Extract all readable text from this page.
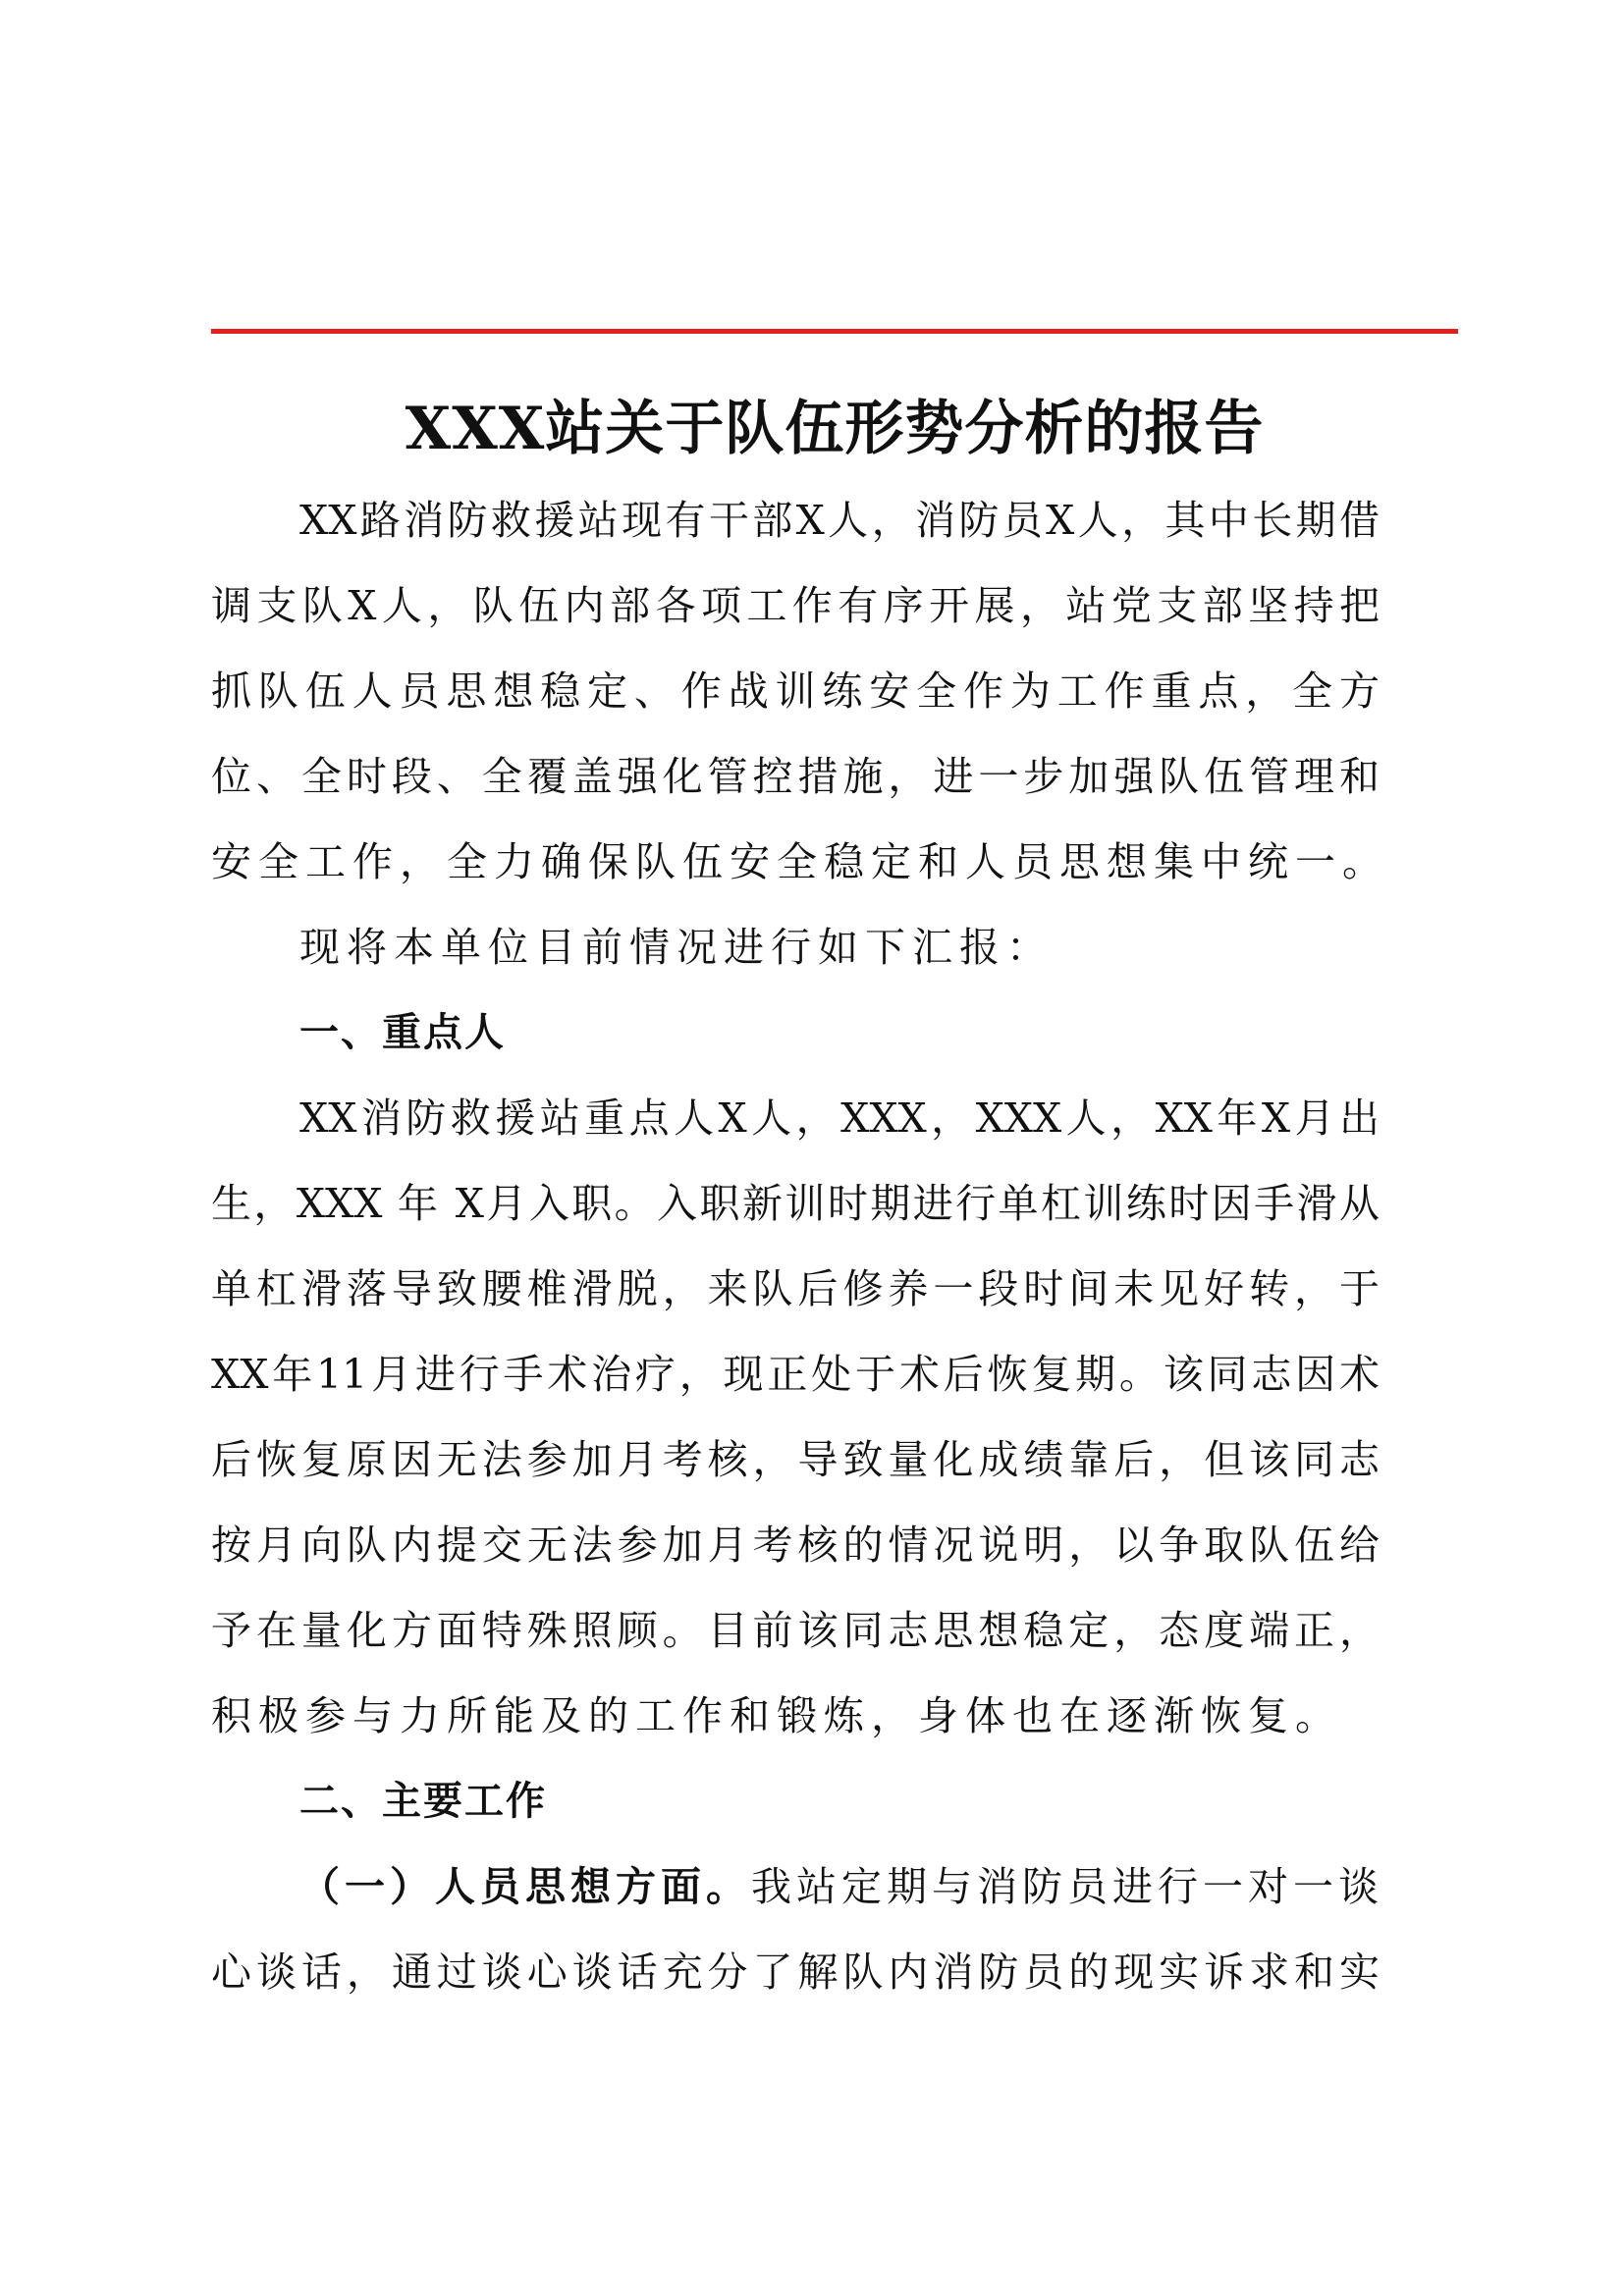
XXX站关于队伍形势分析的报告
XX路消防救援站现有干部X人，消防员X人，其中长期借
调支队X人，队伍内部各项工作有序开展，站党支部坚持把
抓队伍人员思想稳定、作战训练安全作为工作重点，全方
位、全时段、全覆盖强化管控措施，进一步加强队伍管理和
安全工作，全力确保队伍安全稳定和人员思想集中统一。
现将本单位目前情况进行如下汇报：
一、重点人
XX消防救援站重点人X人，XXX，XXX人，XX年X月出
生，XXX 年 X月入职。入职新训时期进行单杠训练时因手滑从
单杠滑落导致腰椎滑脱，来队后修养一段时间未见好转，于
XX年11月进行手术治疗，现正处于术后恢复期。该同志因术
后恢复原因无法参加月考核，导致量化成绩靠后，但该同志
按月向队内提交无法参加月考核的情况说明，以争取队伍给
予在量化方面特殊照顾。目前该同志思想稳定，态度端正，
积极参与力所能及的工作和锻炼，身体也在逐渐恢复。
二、主要工作
（一）人员思想方面。我站定期与消防员进行一对一谈
心谈话，通过谈心谈话充分了解队内消防员的现实诉求和实
